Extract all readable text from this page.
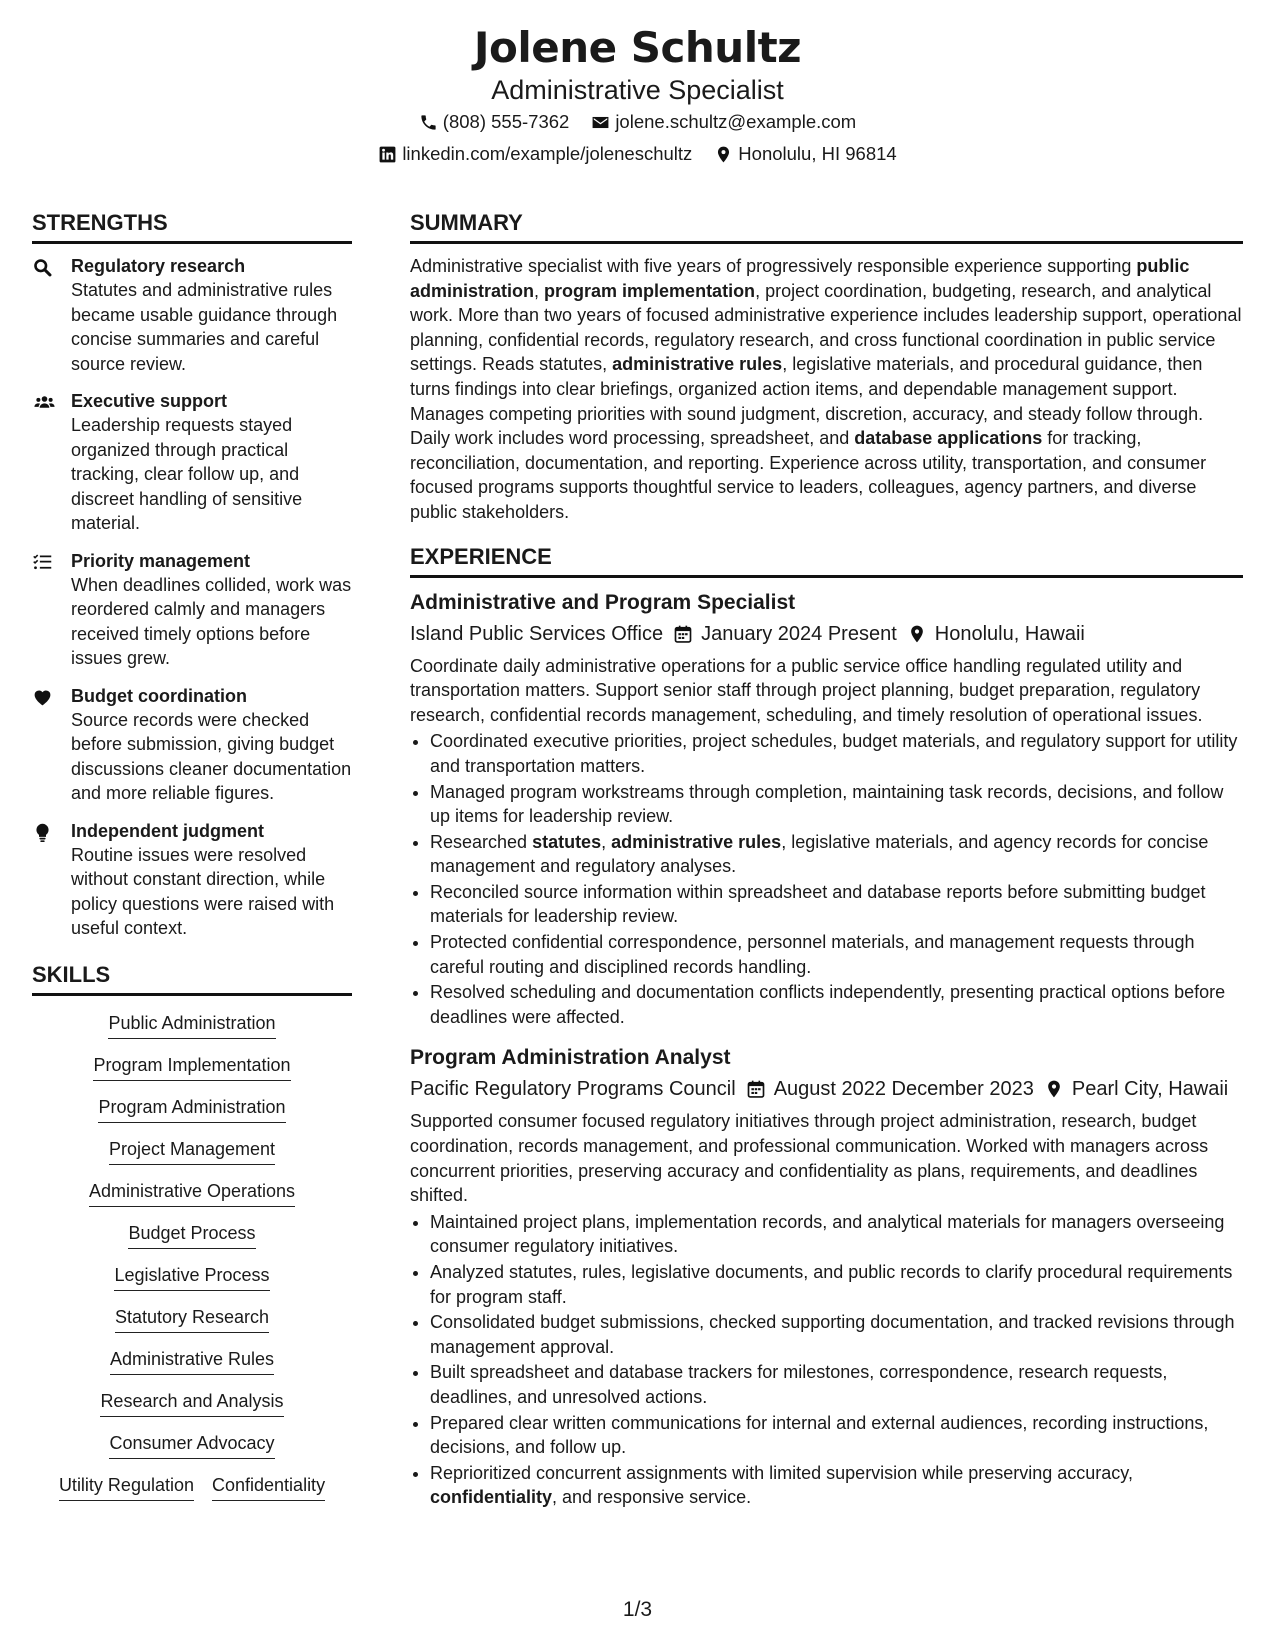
Jolene Schultz
Administrative Specialist
(808) 555-7362 jolene.schultz@example.com
linkedin.com/example/joleneschultz Honolulu, HI 96814
STRENGTHS
Regulatory research
Statutes and administrative rules became usable guidance through concise summaries and careful source review.
Executive support
Leadership requests stayed organized through practical tracking, clear follow up, and discreet handling of sensitive material.
Priority management
When deadlines collided, work was reordered calmly and managers received timely options before issues grew.
Budget coordination
Source records were checked before submission, giving budget discussions cleaner documentation and more reliable figures.
Independent judgment
Routine issues were resolved without constant direction, while policy questions were raised with useful context.
SKILLS
Public Administration
Program Implementation
Program Administration
Project Management
Administrative Operations
Budget Process
Legislative Process
Statutory Research
Administrative Rules
Research and Analysis
Consumer Advocacy
Utility Regulation Confidentiality
SUMMARY
Administrative specialist with five years of progressively responsible experience supporting public administration, program implementation, project coordination, budgeting, research, and analytical work. More than two years of focused administrative experience includes leadership support, operational planning, confidential records, regulatory research, and cross functional coordination in public service settings. Reads statutes, administrative rules, legislative materials, and procedural guidance, then turns findings into clear briefings, organized action items, and dependable management support. Manages competing priorities with sound judgment, discretion, accuracy, and steady follow through. Daily work includes word processing, spreadsheet, and database applications for tracking, reconciliation, documentation, and reporting. Experience across utility, transportation, and consumer focused programs supports thoughtful service to leaders, colleagues, agency partners, and diverse public stakeholders.
EXPERIENCE
Administrative and Program Specialist
Island Public Services Office January 2024 Present Honolulu, Hawaii
Coordinate daily administrative operations for a public service office handling regulated utility and transportation matters. Support senior staff through project planning, budget preparation, regulatory research, confidential records management, scheduling, and timely resolution of operational issues.
• Coordinated executive priorities, project schedules, budget materials, and regulatory support for utility and transportation matters.
• Managed program workstreams through completion, maintaining task records, decisions, and follow up items for leadership review.
• Researched statutes, administrative rules, legislative materials, and agency records for concise management and regulatory analyses.
• Reconciled source information within spreadsheet and database reports before submitting budget materials for leadership review.
• Protected confidential correspondence, personnel materials, and management requests through careful routing and disciplined records handling.
• Resolved scheduling and documentation conflicts independently, presenting practical options before deadlines were affected.
Program Administration Analyst
Pacific Regulatory Programs Council August 2022 December 2023 Pearl City, Hawaii
Supported consumer focused regulatory initiatives through project administration, research, budget coordination, records management, and professional communication. Worked with managers across concurrent priorities, preserving accuracy and confidentiality as plans, requirements, and deadlines shifted.
• Maintained project plans, implementation records, and analytical materials for managers overseeing consumer regulatory initiatives.
• Analyzed statutes, rules, legislative documents, and public records to clarify procedural requirements for program staff.
• Consolidated budget submissions, checked supporting documentation, and tracked revisions through management approval.
• Built spreadsheet and database trackers for milestones, correspondence, research requests, deadlines, and unresolved actions.
• Prepared clear written communications for internal and external audiences, recording instructions, decisions, and follow up.
• Reprioritized concurrent assignments with limited supervision while preserving accuracy, confidentiality, and responsive service.
1/3
